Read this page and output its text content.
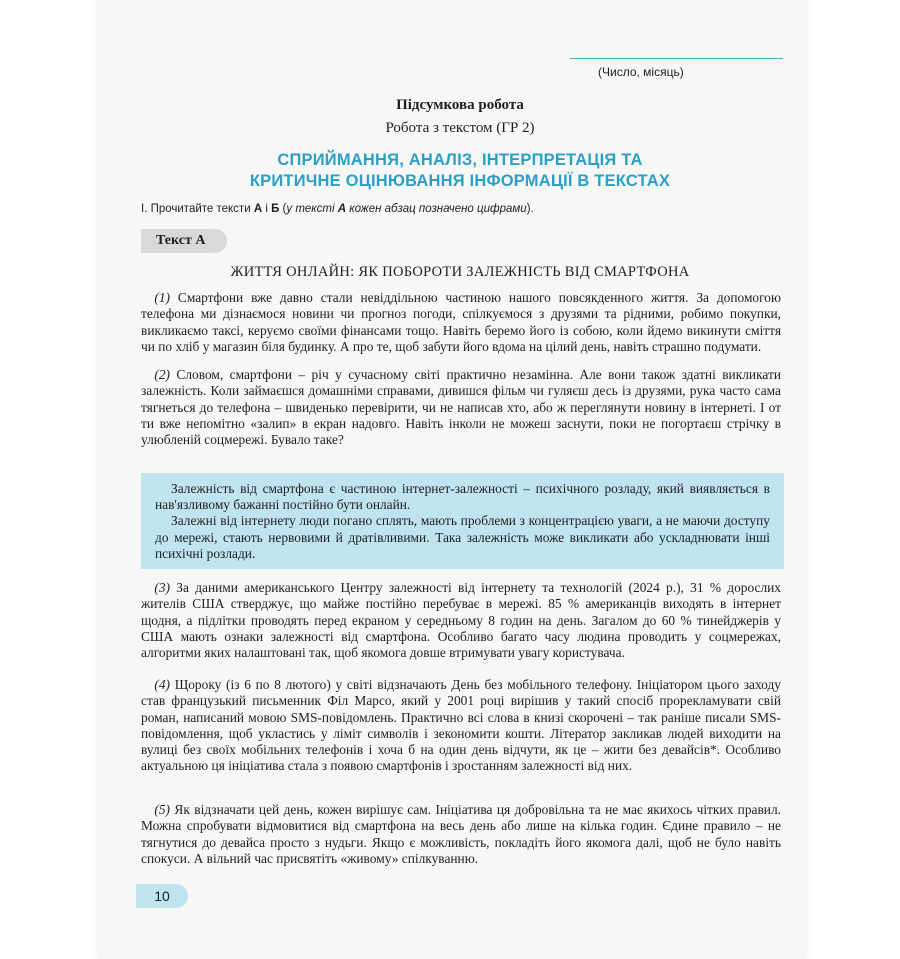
(Число, місяць)
Підсумкова робота
Робота з текстом (ГР 2)
СПРИЙМАННЯ, АНАЛІЗ, ІНТЕРПРЕТАЦІЯ ТА
КРИТИЧНЕ ОЦІНЮВАННЯ ІНФОРМАЦІЇ В ТЕКСТАХ
I. Прочитайте тексти А і Б (у тексті А кожен абзац позначено цифрами).
Текст А
ЖИТТЯ ОНЛАЙН: ЯК ПОБОРОТИ ЗАЛЕЖНІСТЬ ВІД СМАРТФОНА

 (1) Смартфони вже давно стали невіддільною частиною нашого повсякденного життя. За допомогою телефона ми дізнаємося новини чи прогноз погоди, спілкуємося з друзями та рідними, робимо покупки, викликаємо таксі, керуємо своїми фінансами тощо. Навіть беремо його із собою, коли йдемо викинути сміття чи по хліб у магазин біля будинку. А про те, щоб забути його вдома на цілий день, навіть страшно подумати.

 (2) Словом, смартфони – річ у сучасному світі практично незамінна. Але вони також здатні викликати залежність. Коли займаєшся домашніми справами, дивишся фільм чи гуляєш десь із друзями, рука часто сама тягнеться до телефона – швиденько перевірити, чи не написав хто, або ж переглянути новину в інтернеті. І от ти вже непомітно «залип» в екран надовго. Навіть інколи не можеш заснути, поки не погортаєш стрічку в улюбленій соцмережі. Бувало таке?

Залежність від смартфона є частиною інтернет-залежності – психічного розладу, який виявляється в нав'язливому бажанні постійно бути онлайн.

Залежні від інтернету люди погано сплять, мають проблеми з концентрацією уваги, а не маючи доступу до мережі, стають нервовими й дратівливими. Така залежність може викликати або ускладнювати інші психічні розлади.

 (3) За даними американського Центру залежності від інтернету та технологій (2024 р.), 31 % дорослих жителів США стверджує, що майже постійно перебуває в мережі. 85 % американців виходять в інтернет щодня, а підлітки проводять перед екраном у середньому 8 годин на день. Загалом до 60 % тинейджерів у США мають ознаки залежності від смартфона. Особливо багато часу людина проводить у соцмережах, алгоритми яких налаштовані так, щоб якомога довше втримувати увагу користувача.

 (4) Щороку (із 6 по 8 лютого) у світі відзначають День без мобільного телефону. Ініціатором цього заходу став французький письменник Філ Марсо, який у 2001 році вирішив у такий спосіб прорекламувати свій роман, написаний мовою SMS-повідомлень. Практично всі слова в книзі скорочені – так раніше писали SMS-повідомлення, щоб укластись у ліміт символів і зекономити кошти. Літератор закликав людей виходити на вулиці без своїх мобільних телефонів і хоча б на один день відчути, як це – жити без девайсів*. Особливо актуальною ця ініціатива стала з появою смартфонів і зростанням залежності від них.

 (5) Як відзначати цей день, кожен вирішує сам. Ініціатива ця добровільна та не має якихось чітких правил. Можна спробувати відмовитися від смартфона на весь день або лише на кілька годин. Єдине правило – не тягнутися до девайса просто з нудьги. Якщо є можливість, покладіть його якомога далі, щоб не було навіть спокуси. А вільний час присвятіть «живому» спілкуванню.

10
